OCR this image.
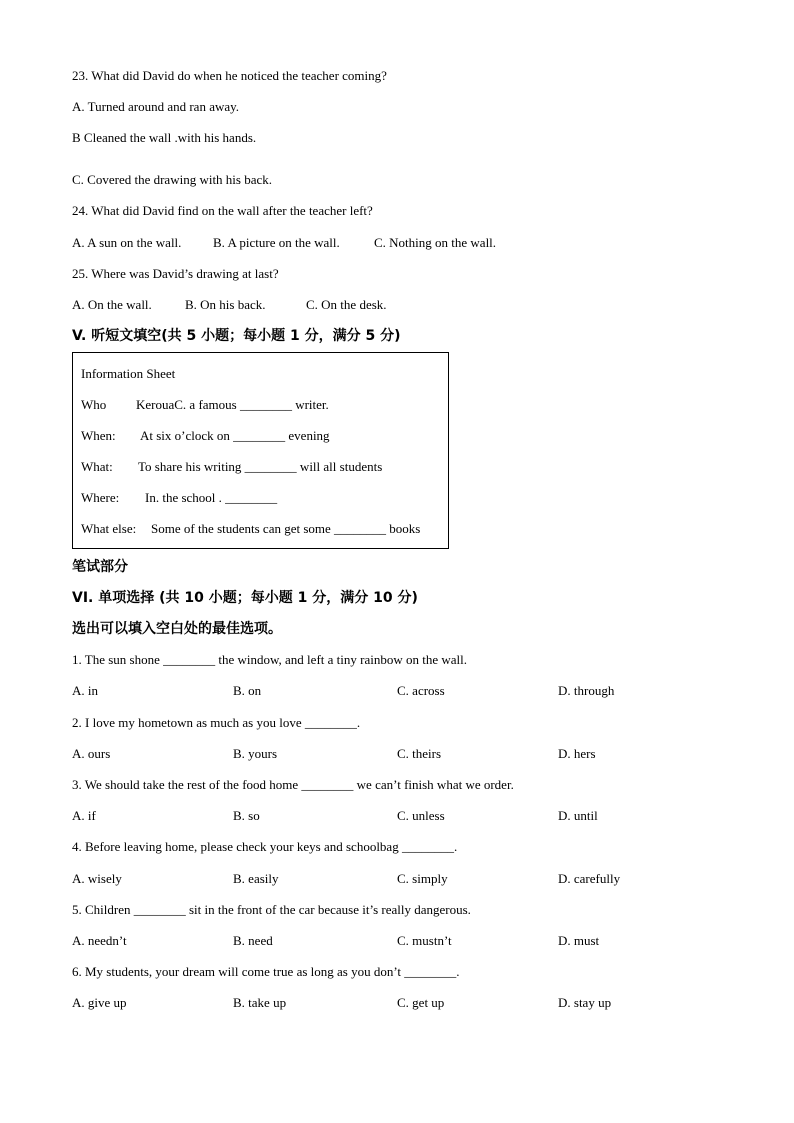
23. What did David do when he noticed the teacher coming?
A. Turned around and ran away.
B Cleaned the wall .with his hands.
C. Covered the drawing with his back.
24. What did David find on the wall after the teacher left?
A. A sun on the wall. B. A picture on the wall.	C. Nothing on the wall.
25. Where was David’s drawing at last?
A. On the wall.	B. On his back.	C. On the desk.
V. 听短文填空(共 5 小题；每小题 1 分，满分 5 分)
Information Sheet
Who KerouaC. a famous ________ writer.
When: At six o’clock on ________ evening
What: To share his writing ________ will all students
Where: In. the school . ________
What else: Some of the students can get some ________ books
笔试部分
VI. 单项选择 (共 10 小题；每小题 1 分，满分 10 分)
选出可以填入空白处的最佳选项。
1. The sun shone ________ the window, and left a tiny rainbow on the wall.
A. in	B. on	C. across	D. through
2. I love my hometown as much as you love ________.
A. ours	B. yours	C. theirs	D. hers
3. We should take the rest of the food home ________ we can’t finish what we order.
A. if	B. so	C. unless	D. until
4. Before leaving home, please check your keys and schoolbag ________.
A. wisely	B. easily	C. simply	D. carefully
5. Children ________ sit in the front of the car because it’s really dangerous.
A. needn’t	B. need	C. mustn’t	D. must
6. My students, your dream will come true as long as you don’t ________.
A. give up	B. take up	C. get up	D. stay up
